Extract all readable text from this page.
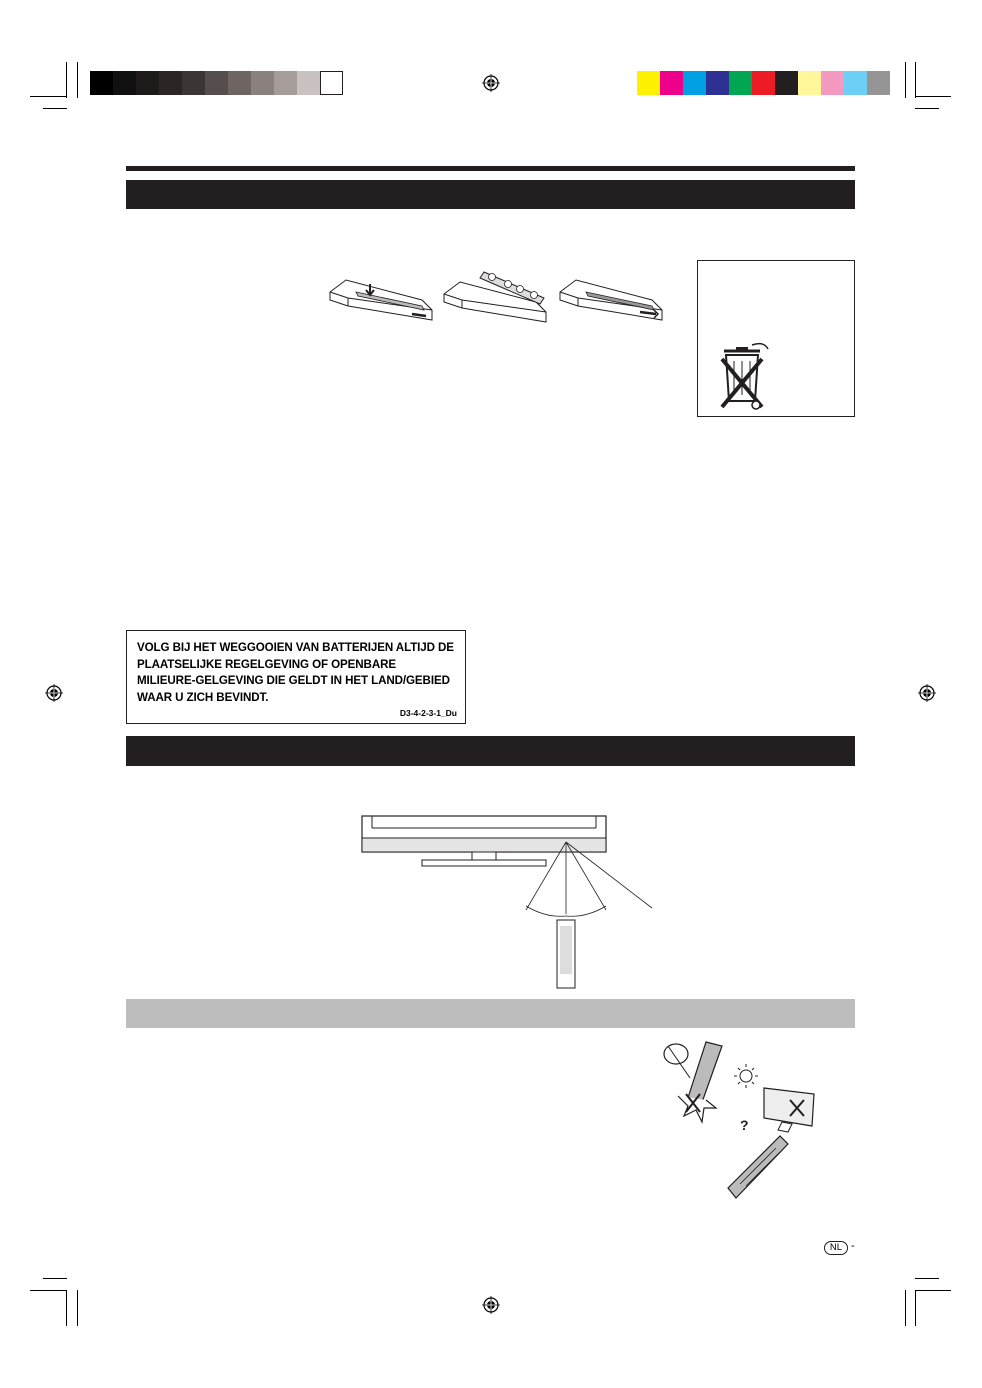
VOLG BIJ HET WEGGOOIEN VAN BATTERIJEN ALTIJD DE PLAATSELIJKE REGELGEVING OF OPENBARE MILIEURE-GELGEVING DIE GELDT IN HET LAND/GEBIED WAAR U ZICH BEVINDT.
D3-4-2-3-1_Du
?
NL -
